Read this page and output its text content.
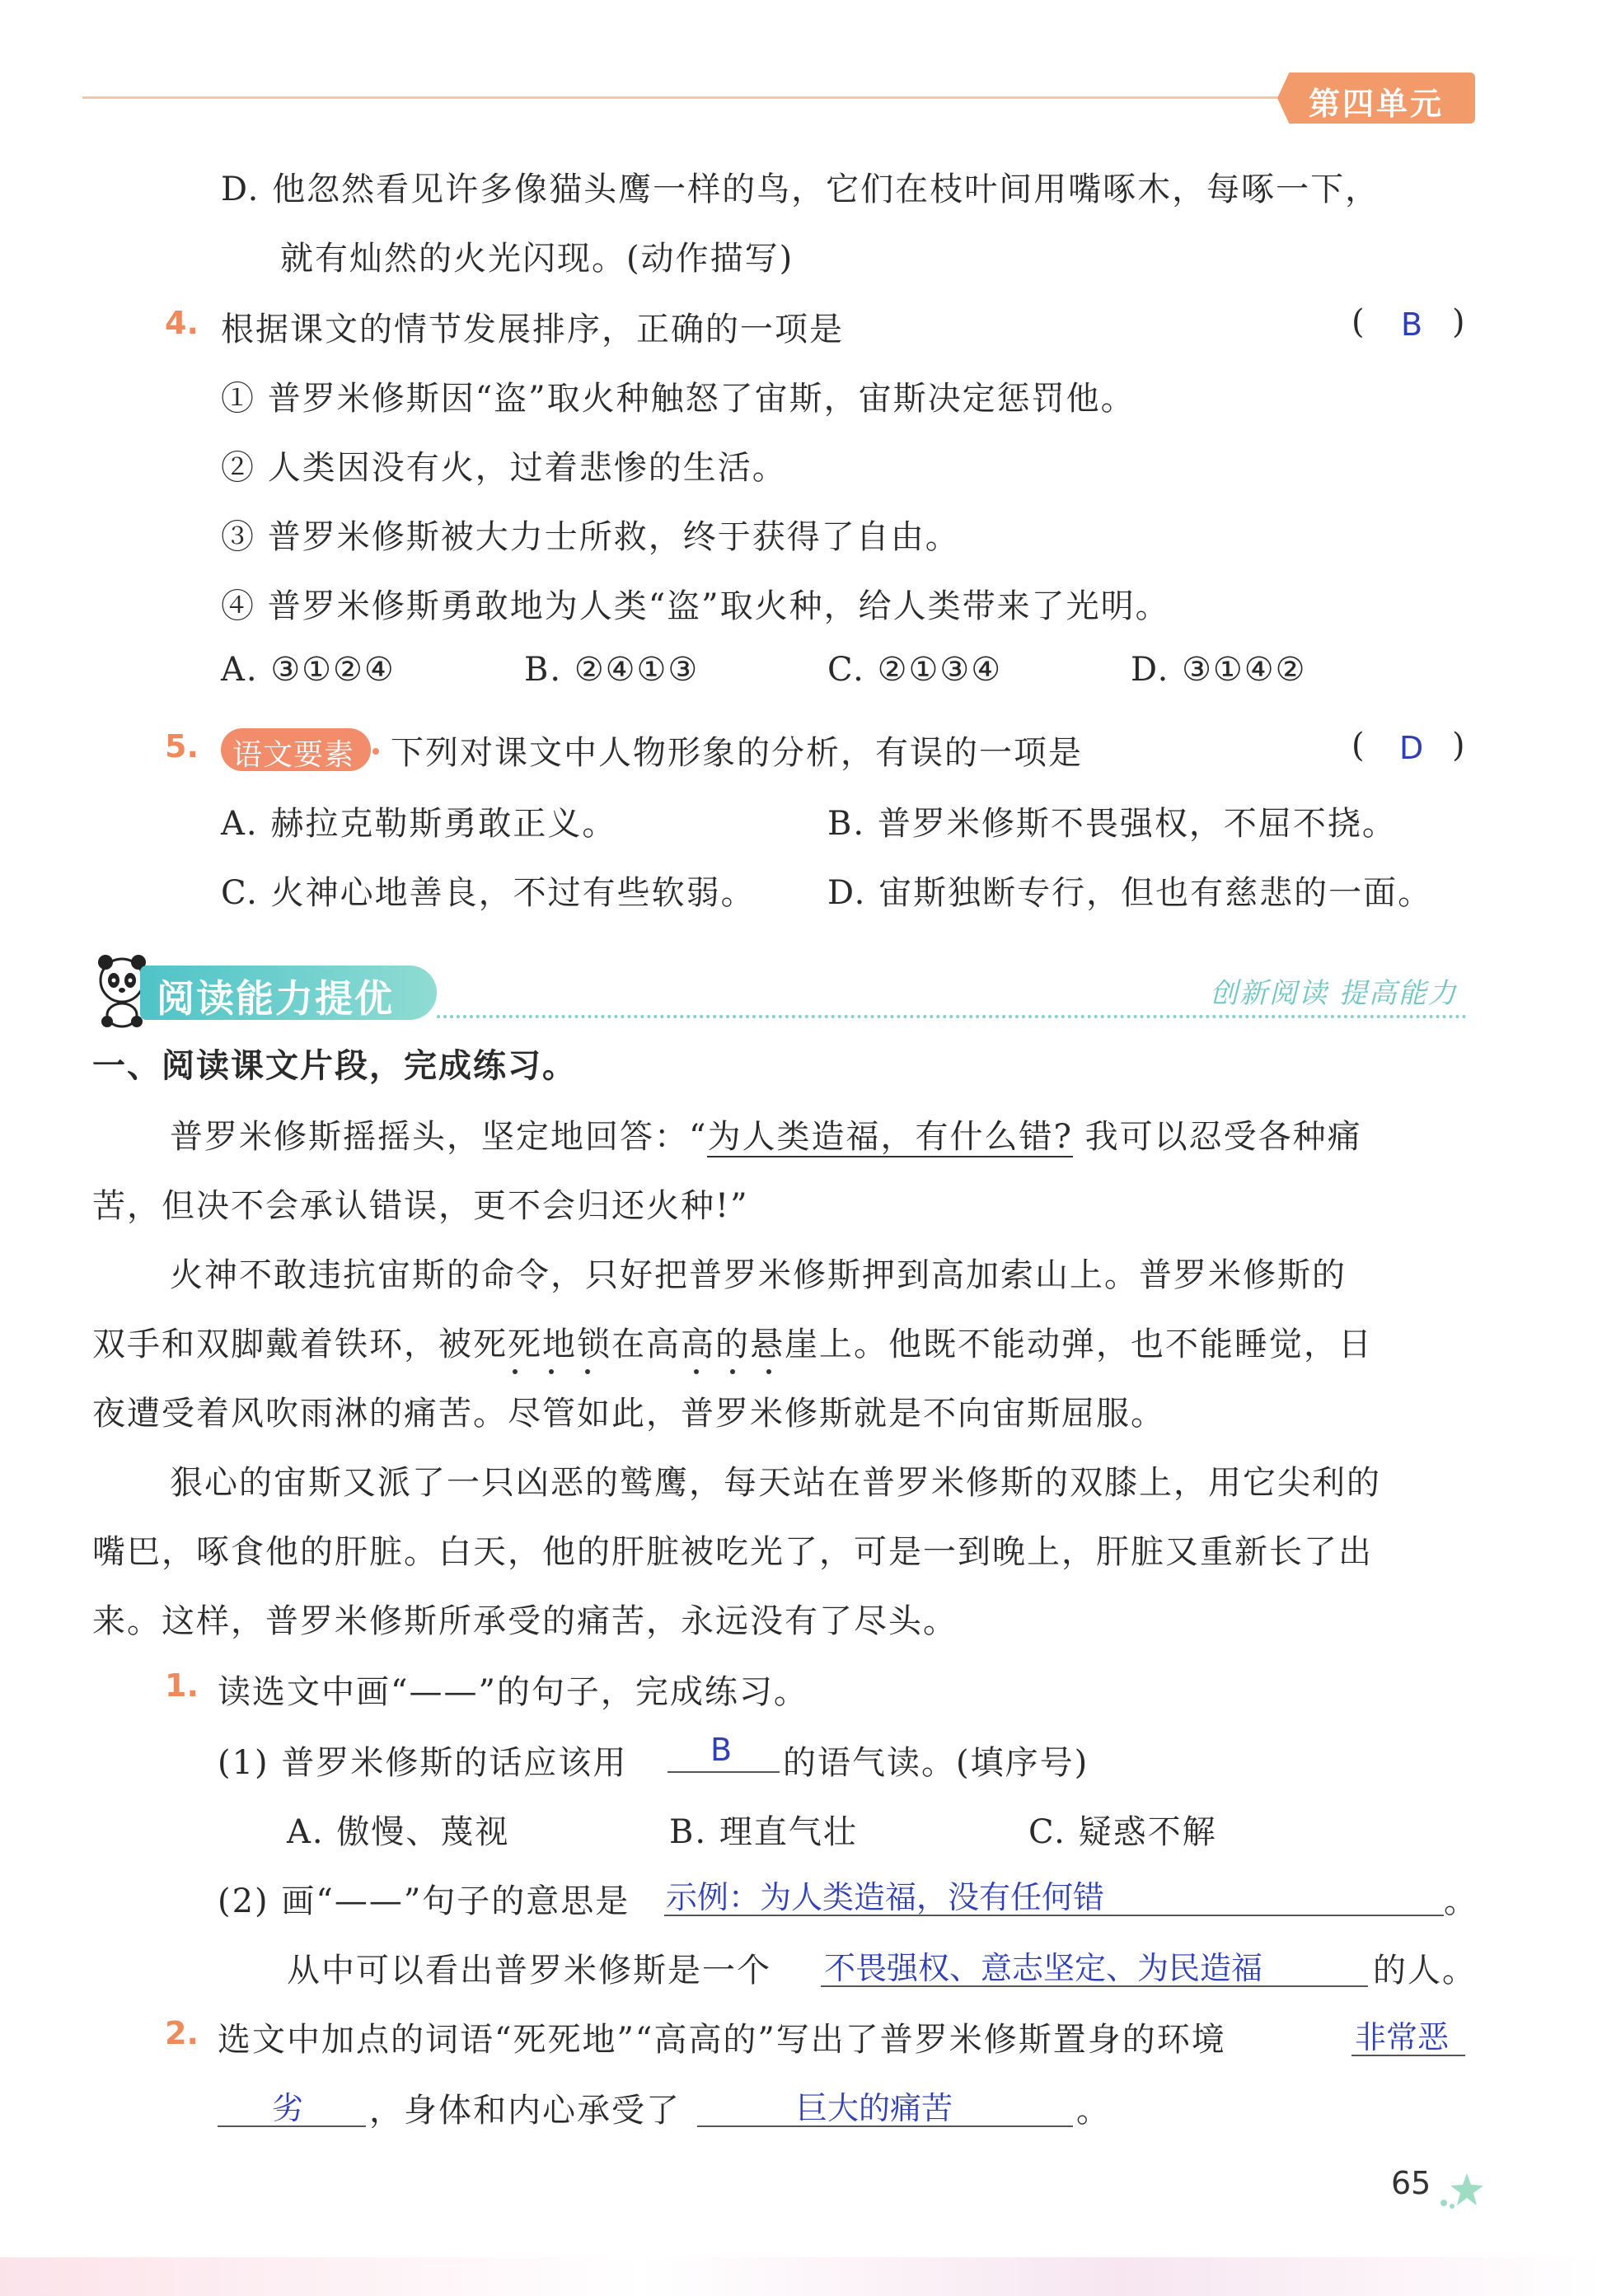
第四单元
D. 他忽然看见许多像猫头鹰一样的鸟，它们在枝叶间用嘴啄木，每啄一下，
就有灿然的火光闪现。(动作描写)
4. 根据课文的情节发展排序，正确的一项是	( B )
① 普罗米修斯因“盗”取火种触怒了宙斯，宙斯决定惩罚他。
② 人类因没有火，过着悲惨的生活。
③ 普罗米修斯被大力士所救，终于获得了自由。
④ 普罗米修斯勇敢地为人类“盗”取火种，给人类带来了光明。
A. ③①②④	B. ②④①③	C. ②①③④	D. ③①④②
5. 语文要素 下列对课文中人物形象的分析，有误的一项是	( D )
A. 赫拉克勒斯勇敢正义。	B. 普罗米修斯不畏强权，不屈不挠。
C. 火神心地善良，不过有些软弱。 D. 宙斯独断专行，但也有慈悲的一面。
阅读能力提优	创新阅读 提高能力
一、阅读课文片段，完成练习。
普罗米修斯摇摇头，坚定地回答：“为人类造福，有什么错? 我可以忍受各种痛
苦，但决不会承认错误，更不会归还火种!”
火神不敢违抗宙斯的命令，只好把普罗米修斯押到高加索山上。普罗米修斯的
双手和双脚戴着铁环，被死死地锁在高高的悬崖上。他既不能动弹，也不能睡觉，日
夜遭受着风吹雨淋的痛苦。尽管如此，普罗米修斯就是不向宙斯屈服。
狠心的宙斯又派了一只凶恶的鹫鹰，每天站在普罗米修斯的双膝上，用它尖利的
嘴巴，啄食他的肝脏。白天，他的肝脏被吃光了，可是一到晚上，肝脏又重新长了出
来。这样，普罗米修斯所承受的痛苦，永远没有了尽头。
1. 读选文中画“——”的句子，完成练习。
(1) 普罗米修斯的话应该用	B 的语气读。(填序号)
A. 傲慢、蔑视	B. 理直气壮	C. 疑惑不解
(2) 画“——”句子的意思是 示例：为人类造福，没有任何错	。
从中可以看出普罗米修斯是一个 不畏强权、意志坚定、为民造福	的人。
2. 选文中加点的词语“死死地”“高高的”写出了普罗米修斯置身的环境	非常恶
劣 ，身体和内心承受了	巨大的痛苦	。
65
